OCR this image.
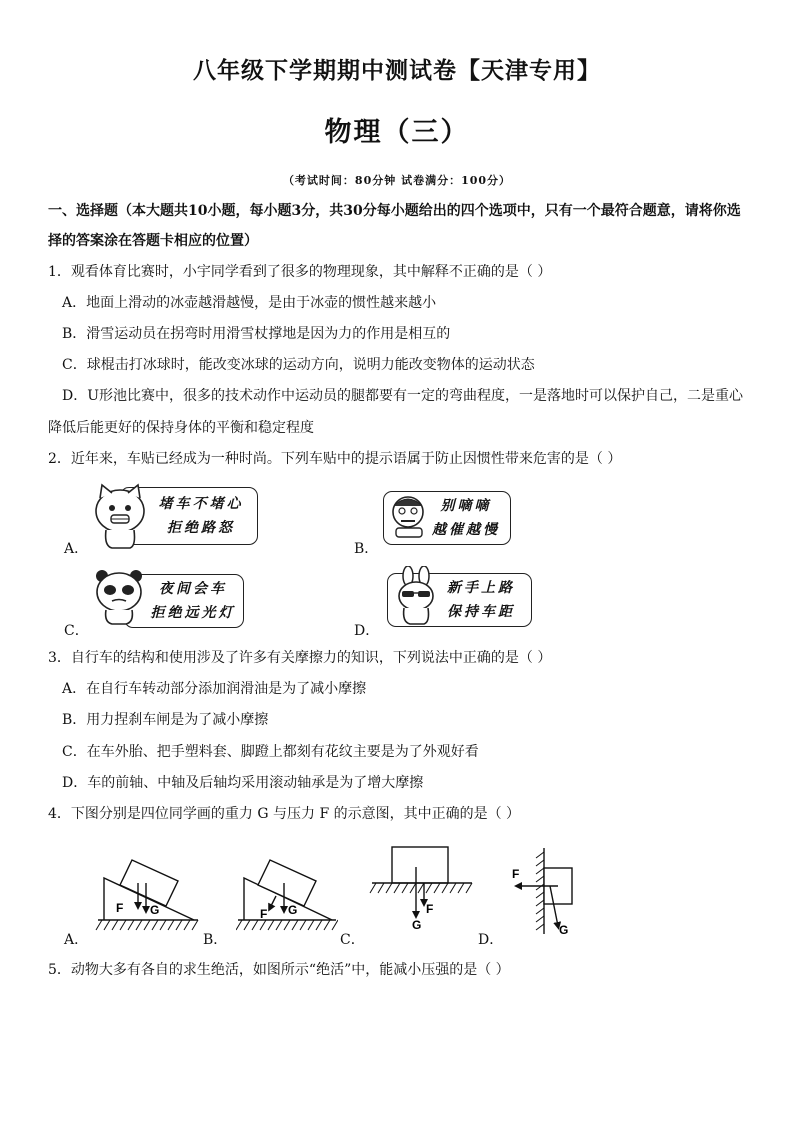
八年级下学期期中测试卷【天津专用】
物理（三）
（考试时间：80分钟 试卷满分：100分）
一、选择题（本大题共10小题，每小题3分，共30分每小题给出的四个选项中，只有一个最符合题意，请将你选
择的答案涂在答题卡相应的位置）
1．观看体育比赛时，小宇同学看到了很多的物理现象，其中解释不正确的是（ ）
A．地面上滑动的冰壶越滑越慢，是由于冰壶的惯性越来越小
B．滑雪运动员在拐弯时用滑雪杖撑地是因为力的作用是相互的
C．球棍击打冰球时，能改变冰球的运动方向，说明力能改变物体的运动状态
D．U形池比赛中，很多的技术动作中运动员的腿都要有一定的弯曲程度，一是落地时可以保护自己，二是重心
降低后能更好的保持身体的平衡和稳定程度
2．近年来，车贴已经成为一种时尚。下列车贴中的提示语属于防止因惯性带来危害的是（ ）
A．
堵车不堵心
拒绝路怒
B．
别嘀嘀
越催越慢
C．
夜间会车
拒绝远光灯
D．
新手上路
保持车距
3．自行车的结构和使用涉及了许多有关摩擦力的知识，下列说法中正确的是（ ）
A．在自行车转动部分添加润滑油是为了减小摩擦
B．用力捏刹车闸是为了减小摩擦
C．在车外胎、把手塑料套、脚蹬上都刻有花纹主要是为了外观好看
D．车的前轴、中轴及后轴均采用滚动轴承是为了增大摩擦
4．下图分别是四位同学画的重力 G 与压力 F 的示意图，其中正确的是（ ）
A．	B．	C．	D．
F G	F G	F
G
F
G
5．动物大多有各自的求生绝活，如图所示“绝活”中，能减小压强的是（ ）
